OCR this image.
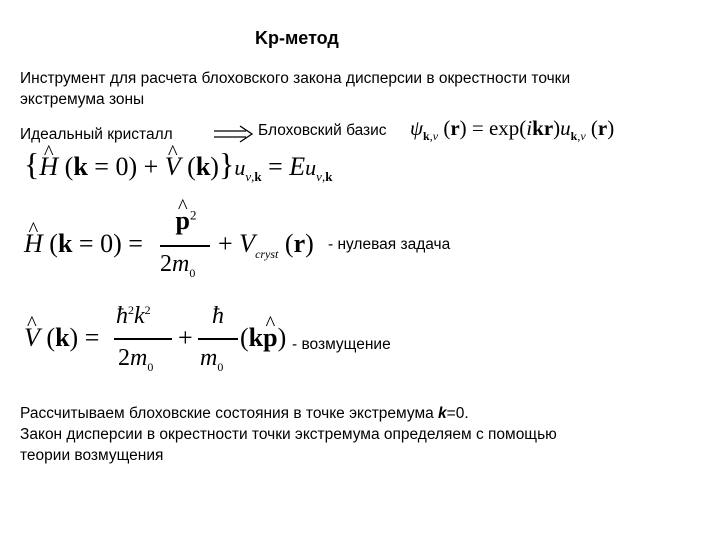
Kp-метод
Инструмент для расчета блоховского закона дисперсии в окрестности точки
экстремума зоны
Идеальный кристалл	Блоховский базис $\psi_{k,\nu}$ $(r) = \exp(ikr)u_{k,\nu}$ (r)
{^ H (k = 0) + ^ V $(k)\}u_{\nu,k} = Eu_{\nu,k}$
^ H (k = 0) =
^ $p^2$
$2m_0$
+ $V_{cryst}$ (r) - нулевая задача
^ V (k) =
$ħ^2k^2$
$2m_0$
+
ħ
$m_0$
(k^ p) - возмущение
Рассчитываем блоховские состояния в точке экстремума k=0.
Закон дисперсии в окрестности точки экстремума определяем с помощью
теории возмущения
